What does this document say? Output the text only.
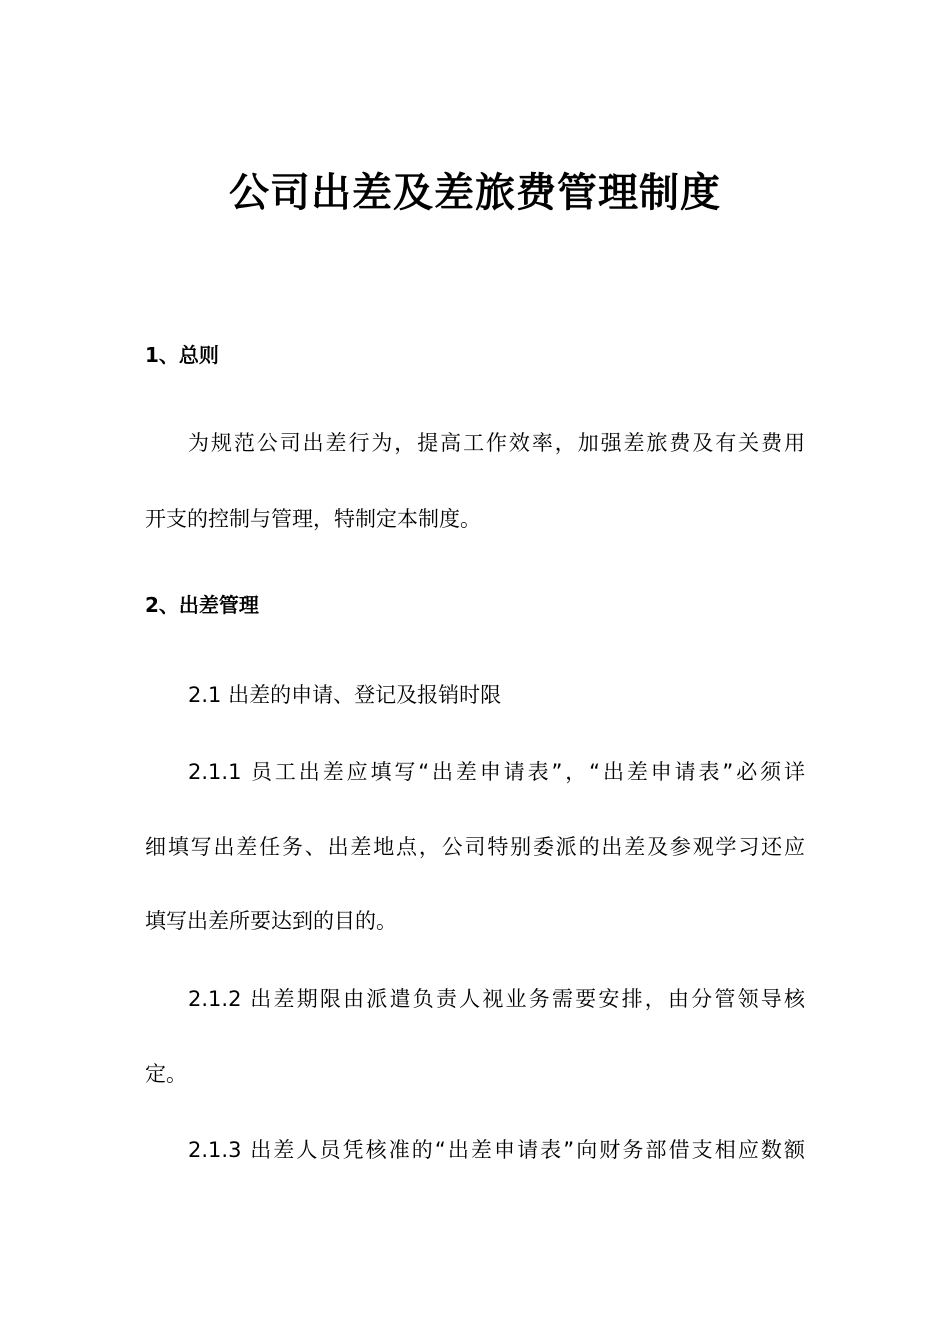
公司出差及差旅费管理制度
1、总则
为规范公司出差行为，提高工作效率，加强差旅费及有关费用
开支的控制与管理，特制定本制度。
2、出差管理
2.1 出差的申请、登记及报销时限
2.1.1 员工出差应填写“出差申请表”，“出差申请表”必须详
细填写出差任务、出差地点，公司特别委派的出差及参观学习还应
填写出差所要达到的目的。
2.1.2 出差期限由派遣负责人视业务需要安排，由分管领导核
定。
2.1.3 出差人员凭核准的“出差申请表”向财务部借支相应数额
